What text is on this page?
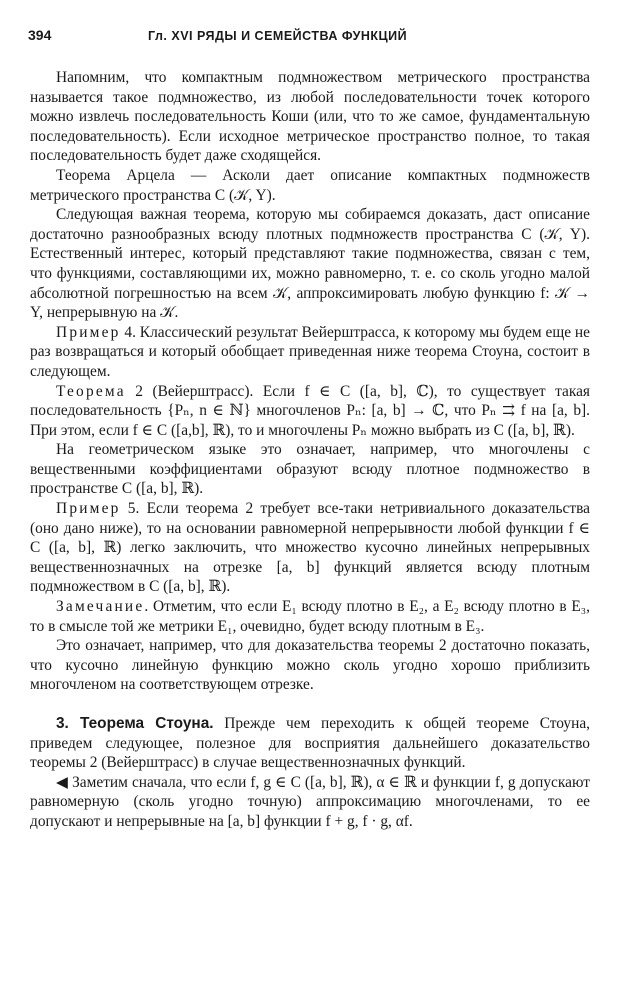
394	Гл. XVI РЯДЫ И СЕМЕЙСТВА ФУНКЦИЙ

Напомним, что компактным подмножеством метрического пространства называется такое подмножество, из любой последовательности точек которого можно извлечь последовательность Коши (или, что то же самое, фундаментальную последовательность). Если исходное метрическое пространство полное, то такая последовательность будет даже сходящейся.

Теорема Арцела — Асколи дает описание компактных подмножеств метрического пространства C (𝒦, Y).

Следующая важная теорема, которую мы собираемся доказать, даст описание достаточно разнообразных всюду плотных подмножеств пространства C (𝒦, Y). Естественный интерес, который представляют такие подмножества, связан с тем, что функциями, составляющими их, можно равномерно, т. е. со сколь угодно малой абсолютной погрешностью на всем 𝒦, аппроксимировать любую функцию f: 𝒦 → Y, непрерывную на 𝒦.

Пример 4. Классический результат Вейерштрасса, к которому мы будем еще не раз возвращаться и который обобщает приведенная ниже теорема Стоуна, состоит в следующем.

Теорема 2 (Вейерштрасс). Если f ∈ C ([a, b], ℂ), то существует такая последовательность {Pₙ, n ∈ ℕ} многочленов Pₙ: [a, b] → ℂ, что Pₙ ⇉ f на [a, b]. При этом, если f ∈ C ([a,b], ℝ), то и многочлены Pₙ можно выбрать из C ([a, b], ℝ).

На геометрическом языке это означает, например, что многочлены с вещественными коэффициентами образуют всюду плотное подмножество в пространстве C ([a, b], ℝ).

Пример 5. Если теорема 2 требует все-таки нетривиального доказательства (оно дано ниже), то на основании равномерной непрерывности любой функции f ∈ C ([a, b], ℝ) легко заключить, что множество кусочно линейных непрерывных вещественнозначных на отрезке [a, b] функций является всюду плотным подмножеством в C ([a, b], ℝ).

Замечание. Отметим, что если E₁ всюду плотно в E₂, а E₂ всюду плотно в E₃, то в смысле той же метрики E₁, очевидно, будет всюду плотным в E₃.

Это означает, например, что для доказательства теоремы 2 достаточно показать, что кусочно линейную функцию можно сколь угодно хорошо приблизить многочленом на соответствующем отрезке.

3. Теорема Стоуна. Прежде чем переходить к общей теореме Стоуна, приведем следующее, полезное для восприятия дальнейшего доказательство теоремы 2 (Вейерштрасс) в случае вещественнозначных функций.

◀ Заметим сначала, что если f, g ∈ C ([a, b], ℝ), α ∈ ℝ и функции f, g допускают равномерную (сколь угодно точную) аппроксимацию многочленами, то ее допускают и непрерывные на [a, b] функции f + g, f · g, αf.
